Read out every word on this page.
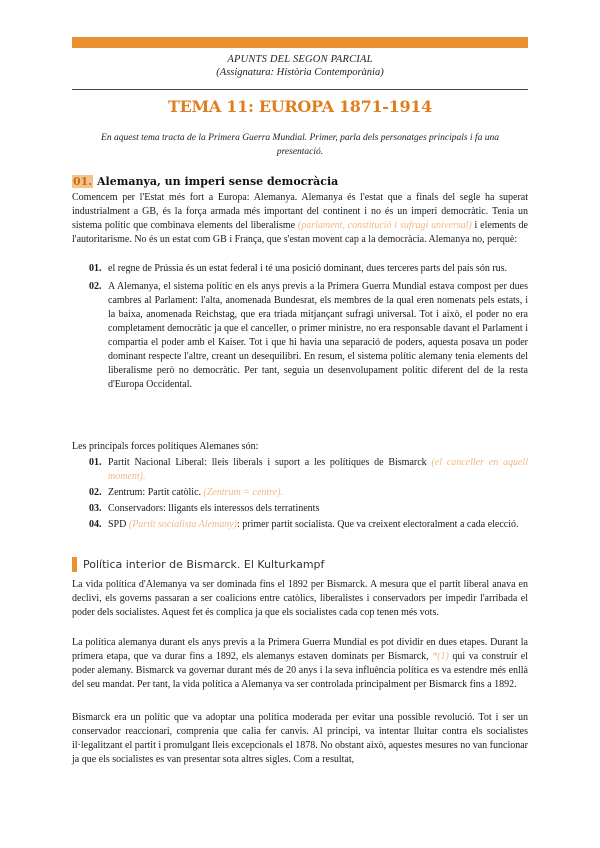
APUNTS DEL SEGON PARCIAL
(Assignatura: Història Contemporània)
TEMA 11: EUROPA 1871-1914
En aquest tema tracta de la Primera Guerra Mundial. Primer, parla dels personatges principals i fa una presentació.
01. Alemanya, un imperi sense democràcia
Comencem per l'Estat més fort a Europa: Alemanya. Alemanya és l'estat que a finals del segle ha superat industrialment a GB, és la força armada més important del continent i no és un imperi democràtic. Tenia un sistema polític que combinava elements del liberalisme (parlament, constitució i sufragi universal) i elements de l'autoritarisme. No és un estat com GB i França, que s'estan movent cap a la democràcia. Alemanya no, perquè:
01. el regne de Prússia és un estat federal i té una posició dominant, dues terceres parts del país són rus.
02. A Alemanya, el sistema polític en els anys previs a la Primera Guerra Mundial estava compost per dues cambres al Parlament: l'alta, anomenada Bundesrat, els membres de la qual eren nomenats pels estats, i la baixa, anomenada Reichstag, que era triada mitjançant sufragi universal. Tot i això, el poder no era completament democràtic ja que el canceller, o primer ministre, no era responsable davant el Parlament i compartia el poder amb el Kaiser. Tot i que hi havia una separació de poders, aquesta posava un poder dominant respecte l'altre, creant un desequilibri. En resum, el sistema polític alemany tenia elements del liberalisme però no democràtic. Per tant, seguia un desenvolupament polític diferent del de la resta d'Europa Occidental.
Les principals forces polítiques Alemanes són:
01. Partit Nacional Liberal: lleis liberals i suport a les polítiques de Bismarck (el canceller en aquell moment).
02. Zentrum: Partit catòlic. (Zentrum = centre).
03. Conservadors: lligants els interessos dels terratinents
04. SPD (Partit socialista Alemany): primer partit socialista. Que va creixent electoralment a cada elecció.
Política interior de Bismarck. El Kulturkampf
La vida política d'Alemanya va ser dominada fins el 1892 per Bismarck. A mesura que el partit liberal anava en declivi, els governs passaran a ser coalicions entre catòlics, liberalistes i conservadors per impedir l'arribada el poder dels socialistes. Aquest fet és complica ja que els socialistes cada cop tenen més vots.
La política alemanya durant els anys previs a la Primera Guerra Mundial es pot dividir en dues etapes. Durant la primera etapa, que va durar fins a 1892, els alemanys estaven dominats per Bismarck, *(1) qui va construir el poder alemany. Bismarck va governar durant més de 20 anys i la seva influència política es va estendre més enllà del seu mandat. Per tant, la vida política a Alemanya va ser controlada principalment per Bismarck fins a 1892.
Bismarck era un polític que va adoptar una política moderada per evitar una possible revolució. Tot i ser un conservador reaccionari, comprenia que calia fer canvis. Al principi, va intentar lluitar contra els socialistes il·legalitzant el partit i promulgant lleis excepcionals el 1878. No obstant això, aquestes mesures no van funcionar ja que els socialistes es van presentar sota altres sigles. Com a resultat,
